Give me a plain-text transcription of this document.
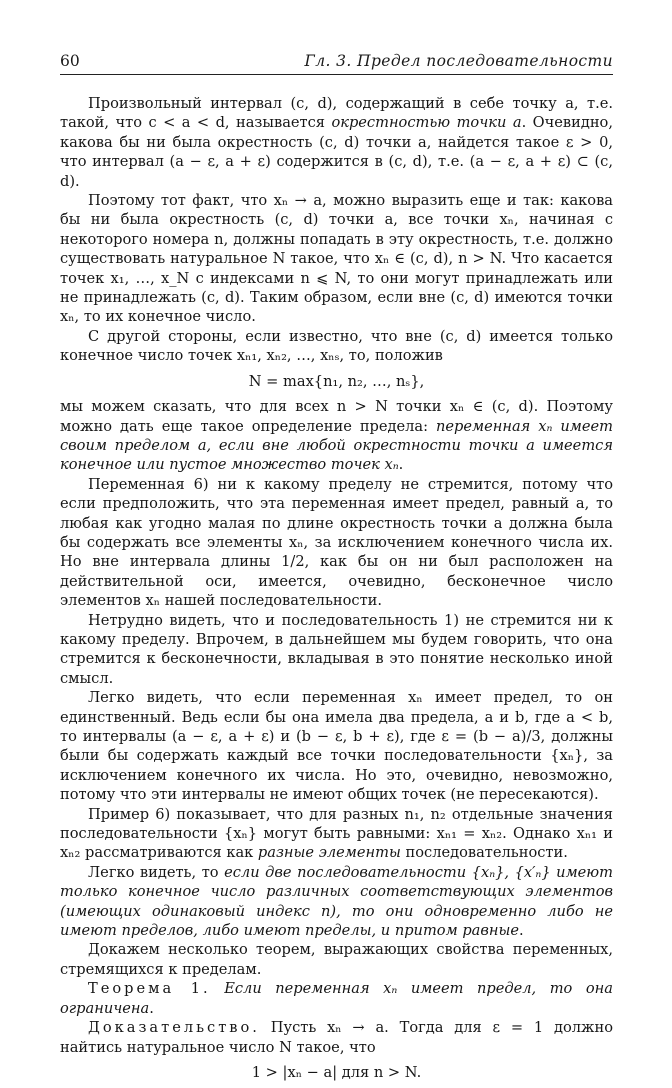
60	Гл. 3. Предел последовательности

Произвольный интервал (c, d), содержащий в себе точку a, т.е. такой, что c < a < d, называется окрестностью точки a. Очевидно, какова бы ни была окрестность (c, d) точки a, найдется такое ε > 0, что интервал (a − ε, a + ε) содержится в (c, d), т.е. (a − ε, a + ε) ⊂ (c, d).

Поэтому тот факт, что xₙ → a, можно выразить еще и так: какова бы ни была окрестность (c, d) точки a, все точки xₙ, начиная с некоторого номера n, должны попадать в эту окрестность, т.е. должно существовать натуральное N такое, что xₙ ∈ (c, d), n > N. Что касается точек x₁, …, x_N с индексами n ⩽ N, то они могут принадлежать или не принадлежать (c, d). Таким образом, если вне (c, d) имеются точки xₙ, то их конечное число.

С другой стороны, если известно, что вне (c, d) имеется только конечное число точек xₙ₁, xₙ₂, …, xₙₛ, то, положив

N = max{n₁, n₂, …, nₛ},

мы можем сказать, что для всех n > N точки xₙ ∈ (c, d). Поэтому можно дать еще такое определение предела: переменная xₙ имеет своим пределом a, если вне любой окрестности точки a имеется конечное или пустое множество точек xₙ.

Переменная 6) ни к какому пределу не стремится, потому что если предположить, что эта переменная имеет предел, равный a, то любая как угодно малая по длине окрестность точки a должна была бы содержать все элементы xₙ, за исключением конечного числа их. Но вне интервала длины 1/2, как бы он ни был расположен на действительной оси, имеется, очевидно, бесконечное число элементов xₙ нашей последовательности.

Нетрудно видеть, что и последовательность 1) не стремится ни к какому пределу. Впрочем, в дальнейшем мы будем говорить, что она стремится к бесконечности, вкладывая в это понятие несколько иной смысл.

Легко видеть, что если переменная xₙ имеет предел, то он единственный. Ведь если бы она имела два предела, a и b, где a < b, то интервалы (a − ε, a + ε) и (b − ε, b + ε), где ε = (b − a)/3, должны были бы содержать каждый все точки последовательности {xₙ}, за исключением конечного их числа. Но это, очевидно, невозможно, потому что эти интервалы не имеют общих точек (не пересекаются).

Пример 6) показывает, что для разных n₁, n₂ отдельные значения последовательности {xₙ} могут быть равными: xₙ₁ = xₙ₂. Однако xₙ₁ и xₙ₂ рассматриваются как разные элементы последовательности.

Легко видеть, то если две последовательности {xₙ}, {x′ₙ} имеют только конечное число различных соответствующих элементов (имеющих одинаковый индекс n), то они одновременно либо не имеют пределов, либо имеют пределы, и притом равные.

Докажем несколько теорем, выражающих свойства переменных, стремящихся к пределам.

Теорема 1. Если переменная xₙ имеет предел, то она ограничена.

Доказательство. Пусть xₙ → a. Тогда для ε = 1 должно найтись натуральное число N такое, что

1 > |xₙ − a| для n > N.
